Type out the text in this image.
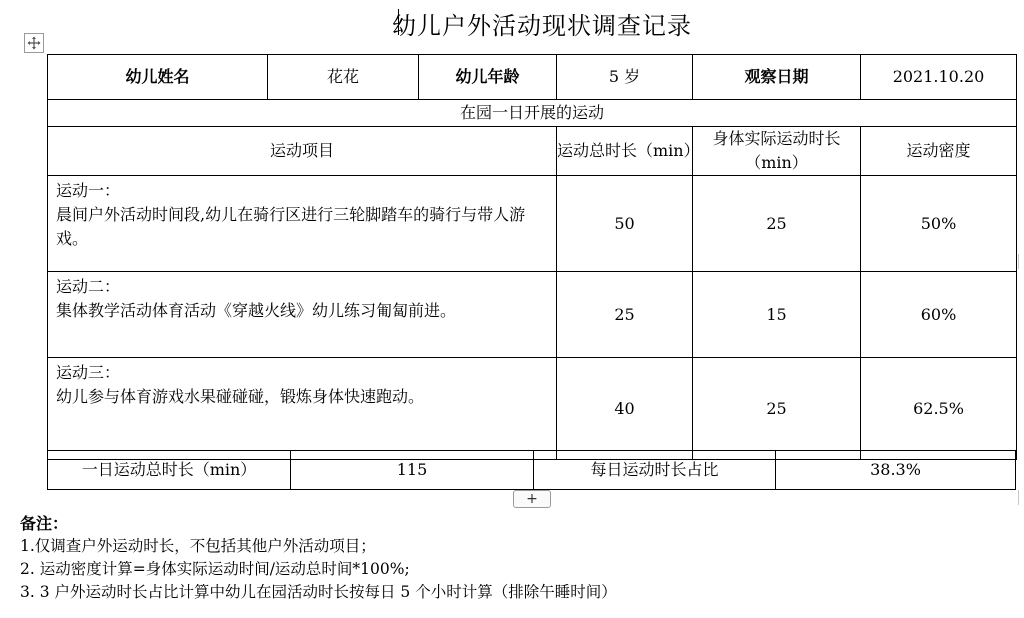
幼儿户外活动现状调查记录
幼儿姓名	花花	幼儿年龄	5 岁	观察日期	2021.10.20
在园一日开展的运动					
运动项目			运动总时长（min）	身体实际运动时长（min）	运动密度

运动一：
晨间户外活动时间段,幼儿在骑行区进行三轮脚踏车的骑行与带人游戏。			50	25	50%

运动二：
集体教学活动体育活动《穿越火线》幼儿练习匍匐前进。			25	15	60%

运动三：
幼儿参与体育游戏水果碰碰碰，锻炼身体快速跑动。			40	25	62.5%
一日运动总时长（min）	115	每日运动时长占比	38.3%
+
备注：
1.仅调查户外运动时长，不包括其他户外活动项目；
2. 运动密度计算=身体实际运动时间/运动总时间*100%;
3. 3 户外运动时长占比计算中幼儿在园活动时长按每日 5 个小时计算（排除午睡时间）
